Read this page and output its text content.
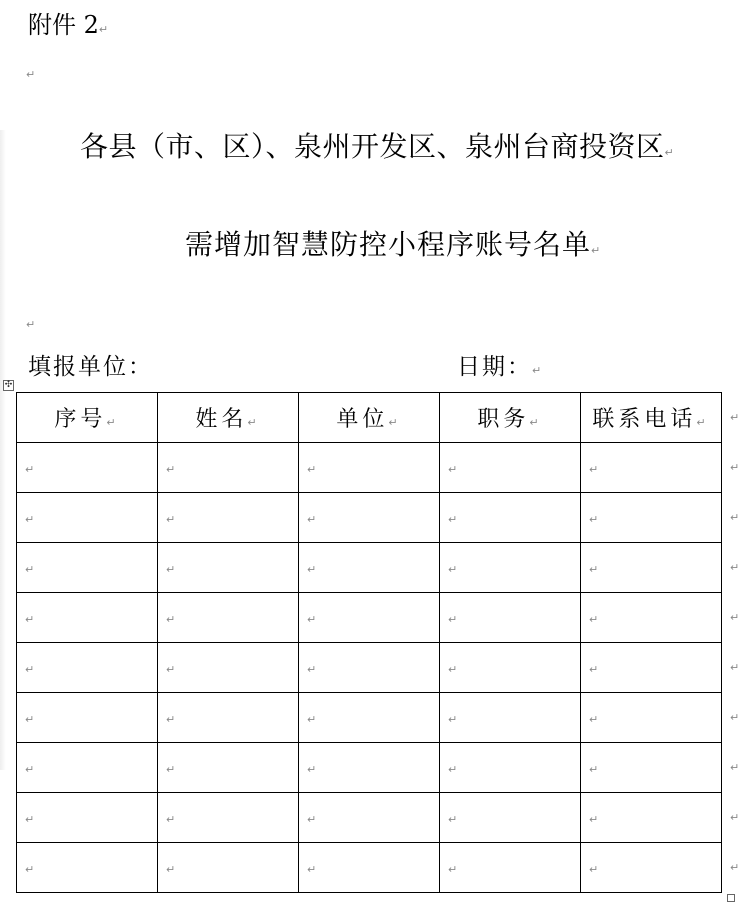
附件 2↵
↵
各县（市、区）、泉州开发区、泉州台商投资区↵
需增加智慧防控小程序账号名单↵
↵
填报单位：	日期：↵
✣
序号↵	姓名↵	单位↵	职务↵	联系电话↵
↵	↵	↵	↵	↵
↵	↵	↵	↵	↵
↵	↵	↵	↵	↵
↵	↵	↵	↵	↵
↵	↵	↵	↵	↵
↵	↵	↵	↵	↵
↵	↵	↵	↵	↵
↵	↵	↵	↵	↵
↵	↵	↵	↵	↵
↵
↵
↵
↵
↵
↵
↵
↵
↵
↵
